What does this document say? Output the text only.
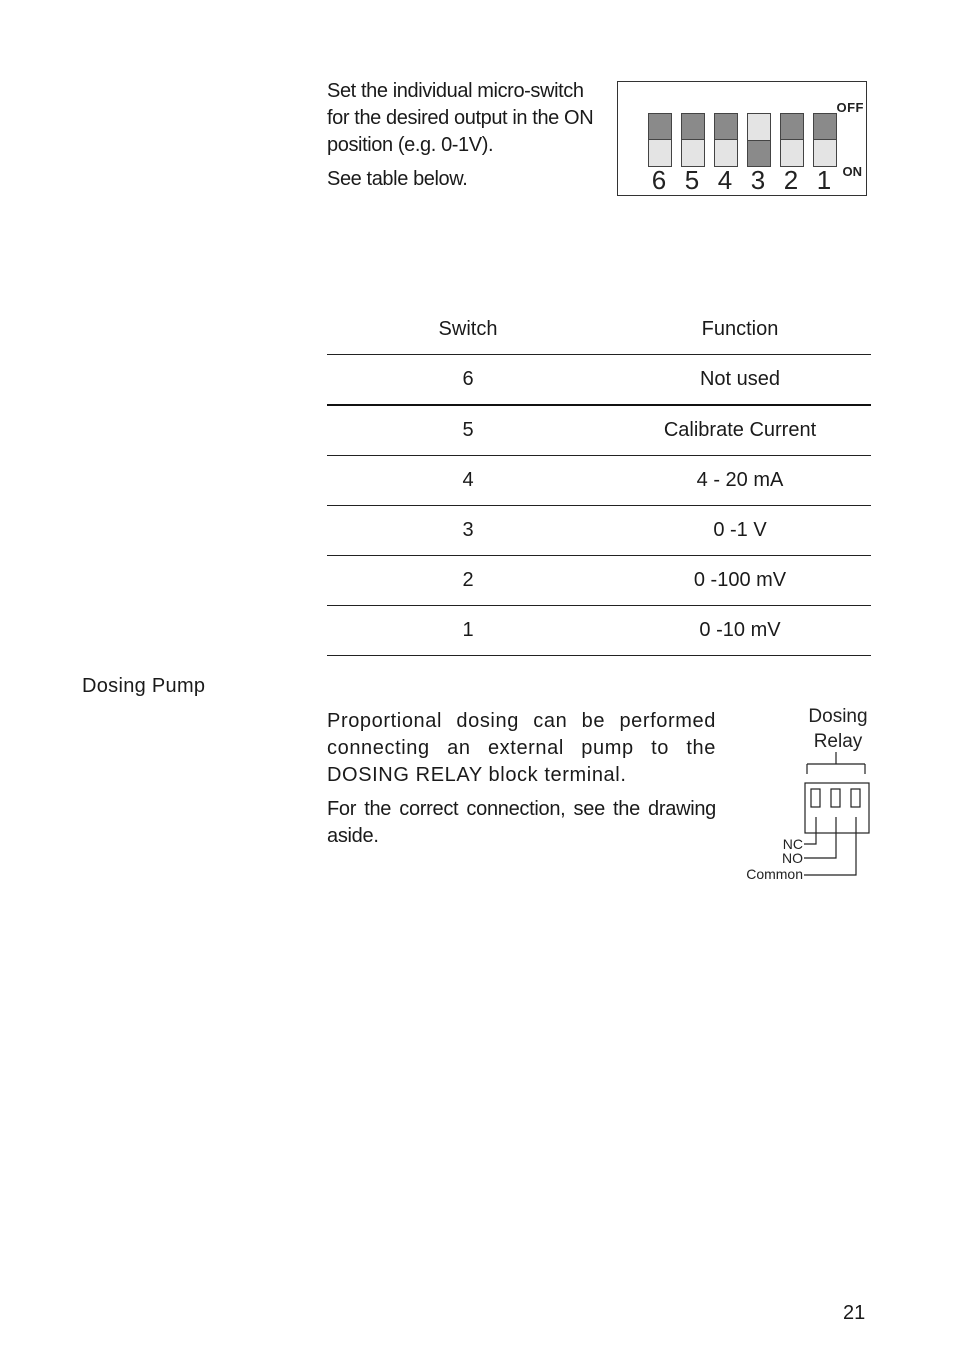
Set the individual micro-switch

for the desired output in the ON

position (e.g. 0-1V).

See table below.

OFF
ON
6 5 4 3 2 1
Switch	Function
6	Not used
5	Calibrate Current
4	4 - 20 mA
3	0 -1 V
2	0 -100 mV
1	0 -10 mV
Dosing Pump

Proportional dosing can be performed connecting an external pump to the DOSING RELAY block terminal.

For the correct connection, see the drawing aside.

Dosing
Relay
NC
NO
Common
21
